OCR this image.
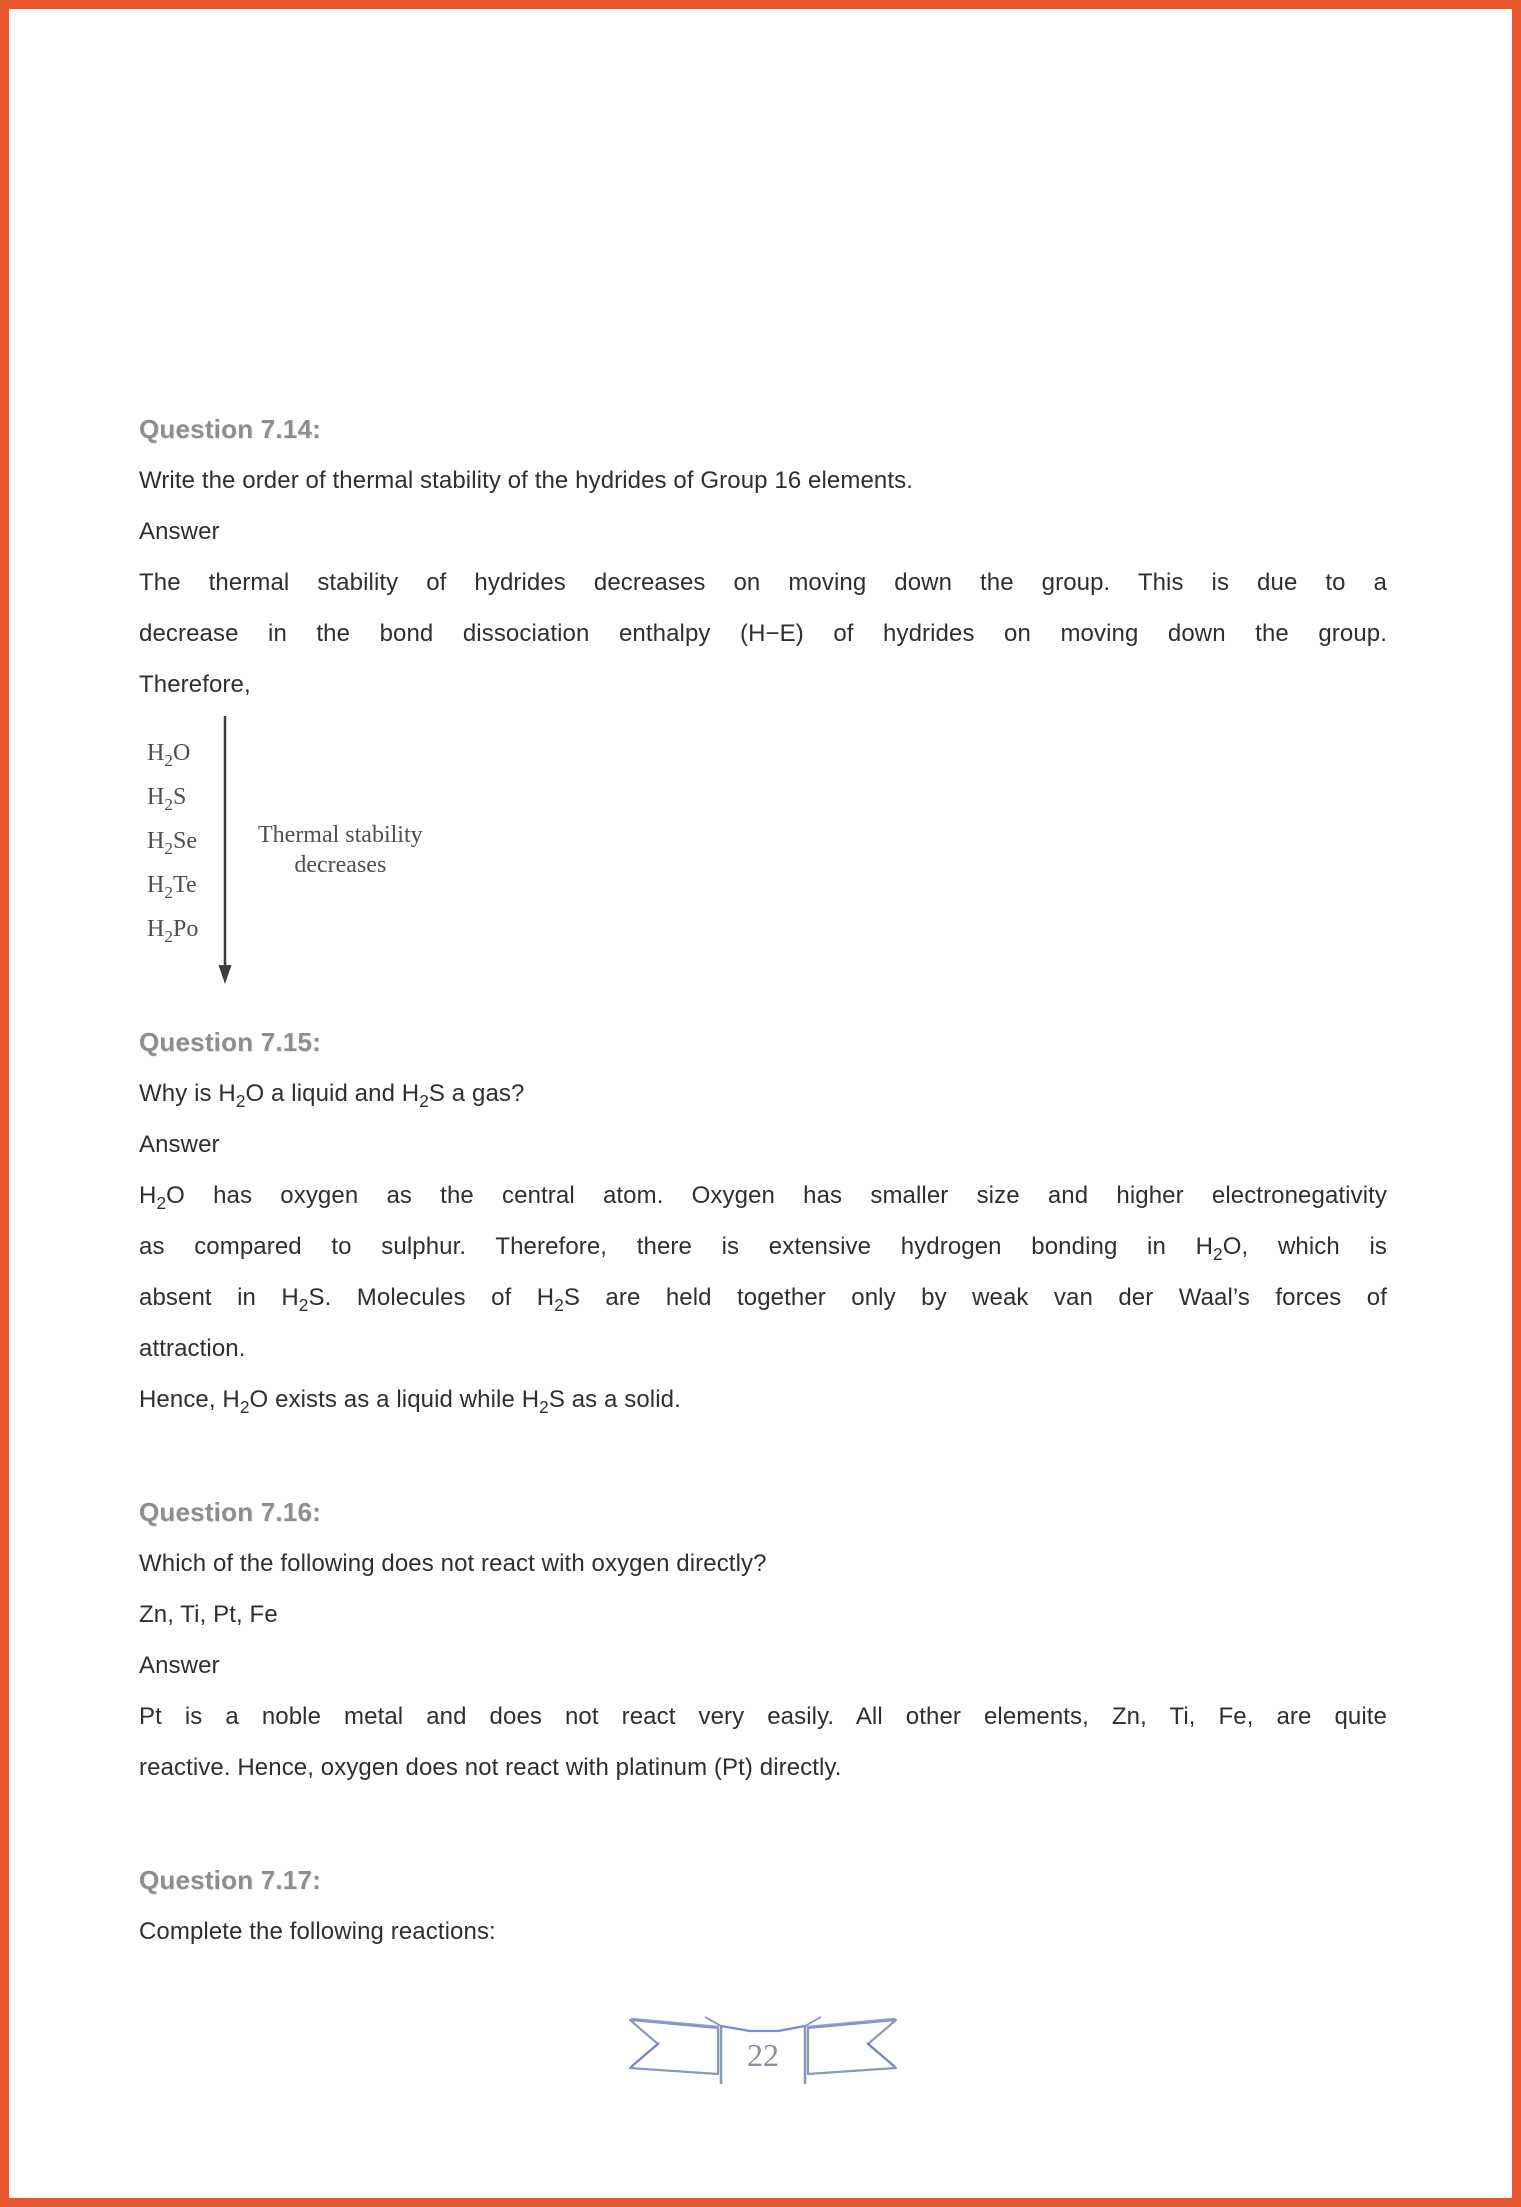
Question 7.14:
Write the order of thermal stability of the hydrides of Group 16 elements.
Answer
The thermal stability of hydrides decreases on moving down the group. This is due to a
decrease in the bond dissociation enthalpy (H−E) of hydrides on moving down the group.
Therefore,
$H_2O$
$H_2S$
$H_2Se$
$H_2Te$
$H_2Po$
Thermal stability
decreases
Question 7.15:
Why is $H_2O$ a liquid and $H_2S$ a gas?
Answer
$H_2O$ has oxygen as the central atom. Oxygen has smaller size and higher electronegativity
as compared to sulphur. Therefore, there is extensive hydrogen bonding in $H_2O$, which is
absent in $H_2S$. Molecules of $H_2S$ are held together only by weak van der Waal’s forces of
attraction.
Hence, $H_2O$ exists as a liquid while $H_2S$ as a solid.
Question 7.16:
Which of the following does not react with oxygen directly?
Zn, Ti, Pt, Fe
Answer
Pt is a noble metal and does not react very easily. All other elements, Zn, Ti, Fe, are quite
reactive. Hence, oxygen does not react with platinum (Pt) directly.
Question 7.17:
Complete the following reactions:
22
